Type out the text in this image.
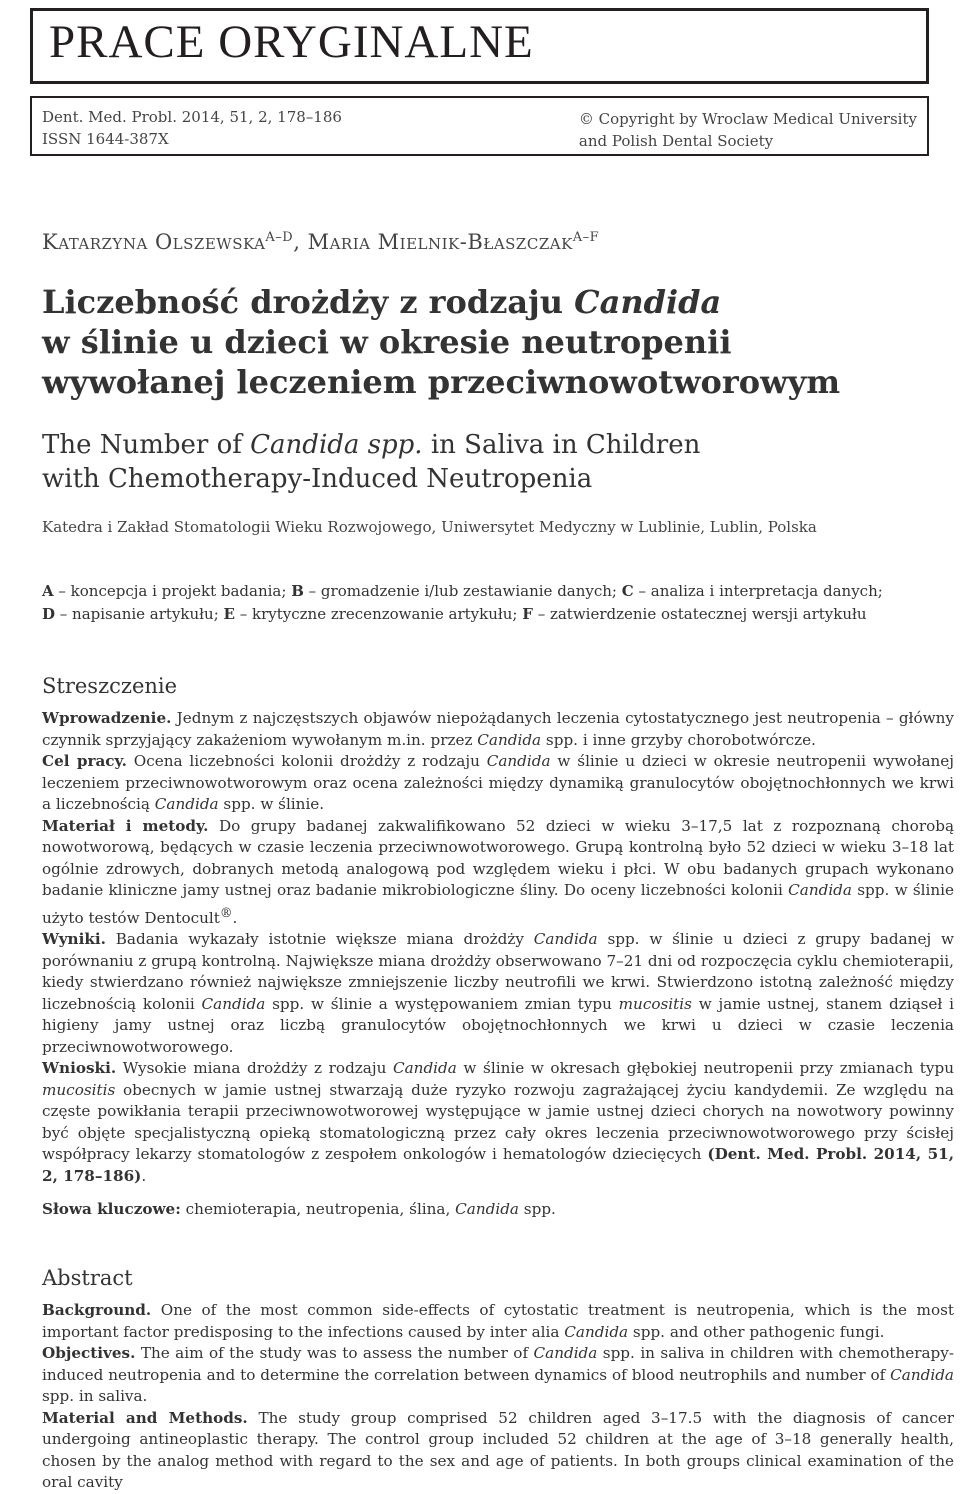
PRACE ORYGINALNE
Dent. Med. Probl. 2014, 51, 2, 178–186
ISSN 1644-387X
© Copyright by Wroclaw Medical University
and Polish Dental Society
Katarzyna Olszewska$^{A-D}$, Maria Mielnik-Błaszczak$^{A-F}$
Liczebność drożdży z rodzaju Candida
w ślinie u dzieci w okresie neutropenii
wywołanej leczeniem przeciwnowotworowym
The Number of Candida spp. in Saliva in Children
with Chemotherapy-Induced Neutropenia
Katedra i Zakład Stomatologii Wieku Rozwojowego, Uniwersytet Medyczny w Lublinie, Lublin, Polska
A – koncepcja i projekt badania; B – gromadzenie i/lub zestawianie danych; C – analiza i interpretacja danych;
D – napisanie artykułu; E – krytyczne zrecenzowanie artykułu; F – zatwierdzenie ostatecznej wersji artykułu
Streszczenie

Wprowadzenie. Jednym z najczęstszych objawów niepożądanych leczenia cytostatycznego jest neutropenia – główny czynnik sprzyjający zakażeniom wywołanym m.in. przez Candida spp. i inne grzyby chorobotwórcze.

Cel pracy. Ocena liczebności kolonii drożdży z rodzaju Candida w ślinie u dzieci w okresie neutropenii wywołanej leczeniem przeciwnowotworowym oraz ocena zależności między dynamiką granulocytów obojętnochłonnych we krwi a liczebnością Candida spp. w ślinie.

Materiał i metody. Do grupy badanej zakwalifikowano 52 dzieci w wieku 3–17,5 lat z rozpoznaną chorobą nowotworową, będących w czasie leczenia przeciwnowotworowego. Grupą kontrolną było 52 dzieci w wieku 3–18 lat ogólnie zdrowych, dobranych metodą analogową pod względem wieku i płci. W obu badanych grupach wykonano badanie kliniczne jamy ustnej oraz badanie mikrobiologiczne śliny. Do oceny liczebności kolonii Candida spp. w ślinie użyto testów Dentocult®.

Wyniki. Badania wykazały istotnie większe miana drożdży Candida spp. w ślinie u dzieci z grupy badanej w porównaniu z grupą kontrolną. Największe miana drożdży obserwowano 7–21 dni od rozpoczęcia cyklu chemioterapii, kiedy stwierdzano również największe zmniejszenie liczby neutrofili we krwi. Stwierdzono istotną zależność między liczebnością kolonii Candida spp. w ślinie a występowaniem zmian typu mucositis w jamie ustnej, stanem dziąseł i higieny jamy ustnej oraz liczbą granulocytów obojętnochłonnych we krwi u dzieci w czasie leczenia przeciwnowotworowego.

Wnioski. Wysokie miana drożdży z rodzaju Candida w ślinie w okresach głębokiej neutropenii przy zmianach typu mucositis obecnych w jamie ustnej stwarzają duże ryzyko rozwoju zagrażającej życiu kandydemii. Ze względu na częste powikłania terapii przeciwnowotworowej występujące w jamie ustnej dzieci chorych na nowotwory powinny być objęte specjalistyczną opieką stomatologiczną przez cały okres leczenia przeciwnowotworowego przy ścisłej współpracy lekarzy stomatologów z zespołem onkologów i hematologów dziecięcych (Dent. Med. Probl. 2014, 51, 2, 178–186).

Słowa kluczowe: chemioterapia, neutropenia, ślina, Candida spp.

Abstract

Background. One of the most common side-effects of cytostatic treatment is neutropenia, which is the most important factor predisposing to the infections caused by inter alia Candida spp. and other pathogenic fungi.

Objectives. The aim of the study was to assess the number of Candida spp. in saliva in children with chemotherapy-induced neutropenia and to determine the correlation between dynamics of blood neutrophils and number of Candida spp. in saliva.

Material and Methods. The study group comprised 52 children aged 3–17.5 with the diagnosis of cancer undergoing antineoplastic therapy. The control group included 52 children at the age of 3–18 generally health, chosen by the analog method with regard to the sex and age of patients. In both groups clinical examination of the oral cavity
